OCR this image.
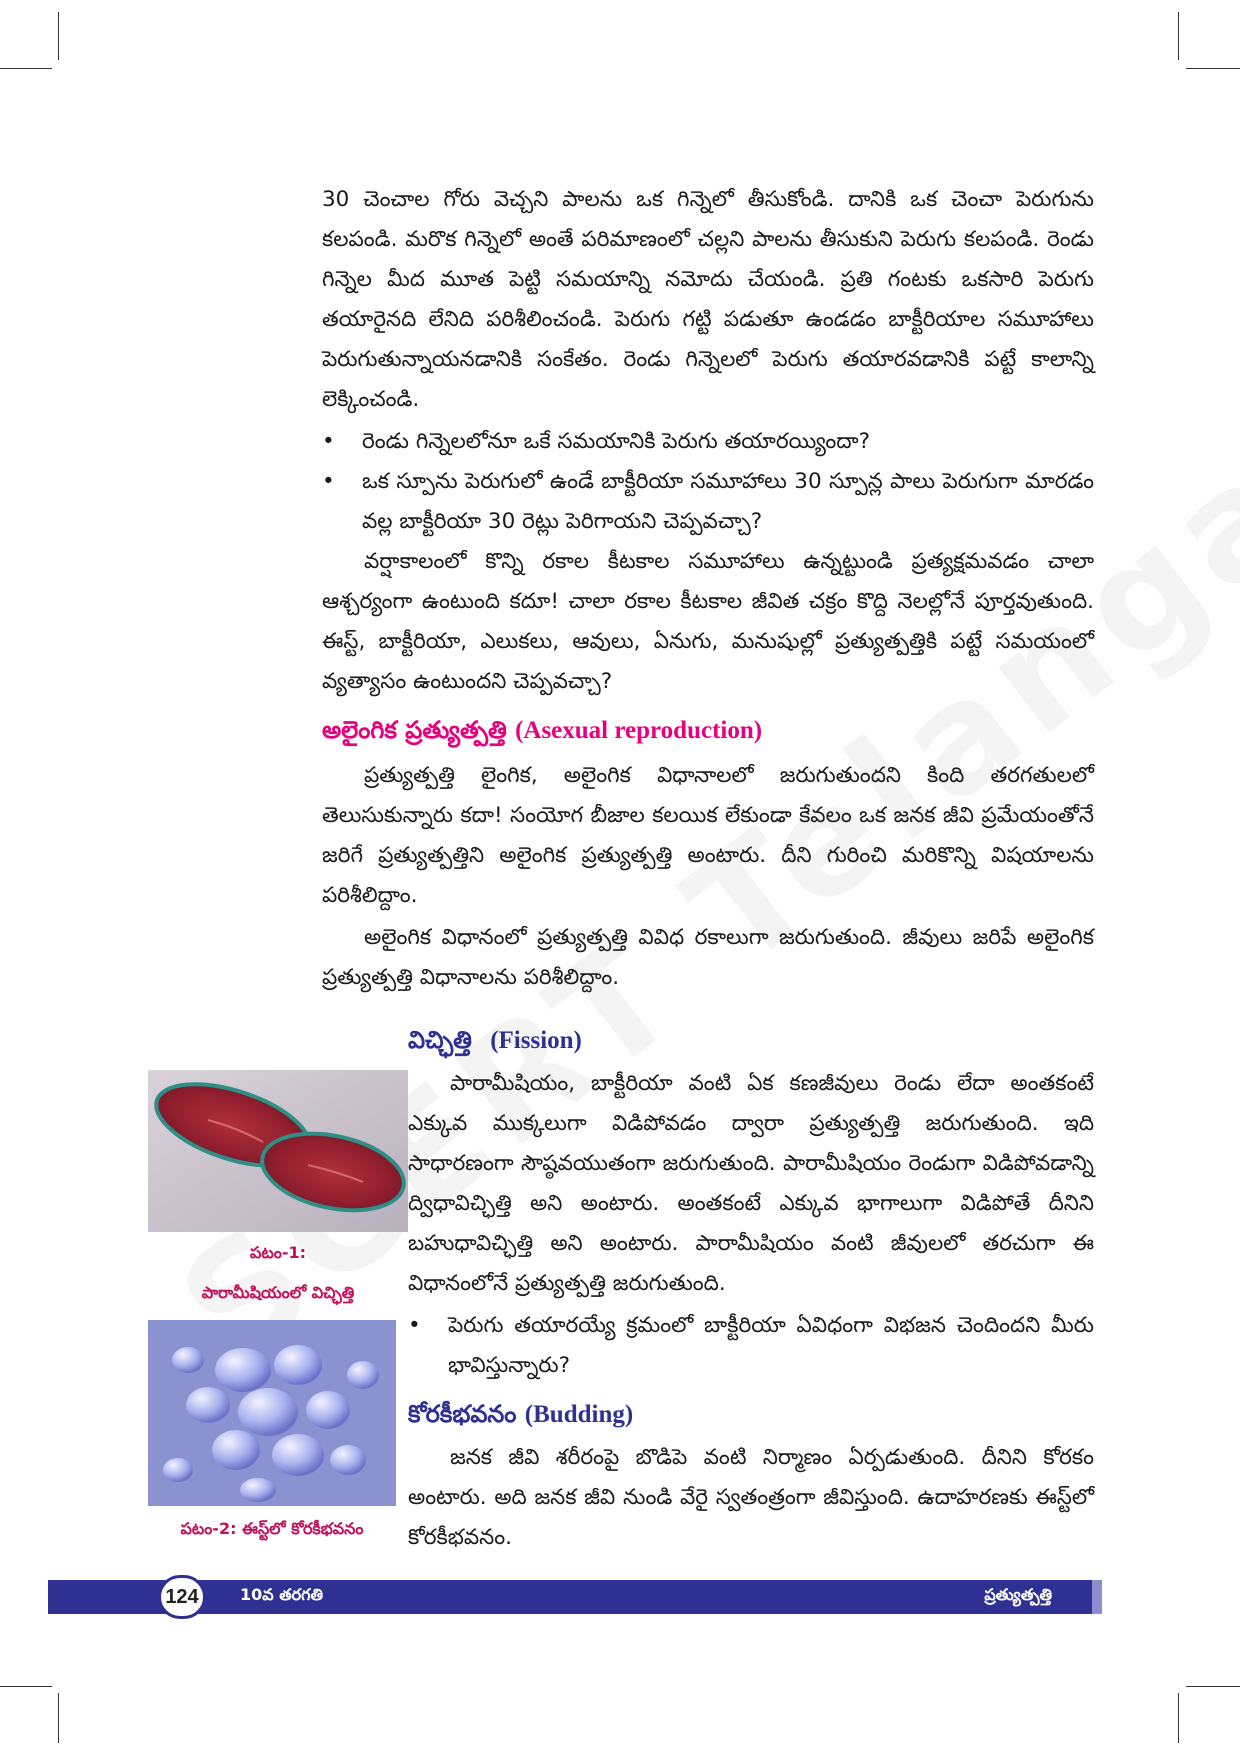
30 చెంచాల గోరు వెచ్చని పాలను ఒక గిన్నెలో తీసుకోండి. దానికి ఒక చెంచా పెరుగును కలపండి. మరొక గిన్నెలో అంతే పరిమాణంలో చల్లని పాలను తీసుకుని పెరుగు కలపండి. రెండు గిన్నెల మీద మూత పెట్టి సమయాన్ని నమోదు చేయండి. ప్రతి గంటకు ఒకసారి పెరుగు తయారైనది లేనిది పరిశీలించండి. పెరుగు గట్టి పడుతూ ఉండడం బాక్టీరియాల సమూహాలు పెరుగుతున్నాయనడానికి సంకేతం. రెండు గిన్నెలలో పెరుగు తయారవడానికి పట్టే కాలాన్ని లెక్కించండి.

• రెండు గిన్నెలలోనూ ఒకే సమయానికి పెరుగు తయారయ్యిందా?
• ఒక స్పూను పెరుగులో ఉండే బాక్టీరియా సమూహాలు 30 స్పూన్ల పాలు పెరుగుగా మారడం వల్ల బాక్టీరియా 30 రెట్లు పెరిగాయని చెప్పవచ్చా?

వర్షాకాలంలో కొన్ని రకాల కీటకాల సమూహాలు ఉన్నట్టుండి ప్రత్యక్షమవడం చాలా ఆశ్చర్యంగా ఉంటుంది కదూ! చాలా రకాల కీటకాల జీవిత చక్రం కొద్ది నెలల్లోనే పూర్తవుతుంది. ఈస్ట్, బాక్టీరియా, ఎలుకలు, ఆవులు, ఏనుగు, మనుషుల్లో ప్రత్యుత్పత్తికి పట్టే సమయంలో వ్యత్యాసం ఉంటుందని చెప్పవచ్చా?

అలైంగిక ప్రత్యుత్పత్తి (Asexual reproduction)

ప్రత్యుత్పత్తి లైంగిక, అలైంగిక విధానాలలో జరుగుతుందని కింది తరగతులలో తెలుసుకున్నారు కదా! సంయోగ బీజాల కలయిక లేకుండా కేవలం ఒక జనక జీవి ప్రమేయంతోనే జరిగే ప్రత్యుత్పత్తిని అలైంగిక ప్రత్యుత్పత్తి అంటారు. దీని గురించి మరికొన్ని విషయాలను పరిశీలిద్దాం.

అలైంగిక విధానంలో ప్రత్యుత్పత్తి వివిధ రకాలుగా జరుగుతుంది. జీవులు జరిపే అలైంగిక ప్రత్యుత్పత్తి విధానాలను పరిశీలిద్దాం.

విచ్ఛిత్తి (Fission)

పారామీషియం, బాక్టీరియా వంటి ఏక కణజీవులు రెండు లేదా అంతకంటే ఎక్కువ ముక్కలుగా విడిపోవడం ద్వారా ప్రత్యుత్పత్తి జరుగుతుంది. ఇది సాధారణంగా సౌష్ఠవయుతంగా జరుగుతుంది. పారామీషియం రెండుగా విడిపోవడాన్ని ద్విధావిచ్ఛిత్తి అని అంటారు. అంతకంటే ఎక్కువ భాగాలుగా విడిపోతే దీనిని బహుధావిచ్ఛిత్తి అని అంటారు. పారామీషియం వంటి జీవులలో తరచుగా ఈ విధానంలోనే ప్రత్యుత్పత్తి జరుగుతుంది.

• పెరుగు తయారయ్యే క్రమంలో బాక్టీరియా ఏవిధంగా విభజన చెందిందని మీరు భావిస్తున్నారు?
కోరకీభవనం (Budding)

జనక జీవి శరీరంపై బొడిపె వంటి నిర్మాణం ఏర్పడుతుంది. దీనిని కోరకం అంటారు. అది జనక జీవి నుండి వేరై స్వతంత్రంగా జీవిస్తుంది. ఉదాహరణకు ఈస్ట్‌లో కోరకీభవనం.

పటం-1:
పారామీషియంలో విచ్ఛిత్తి
పటం-2: ఈస్ట్‌లో కోరకీభవనం
124	10వ తరగతి	ప్రత్యుత్పత్తి
